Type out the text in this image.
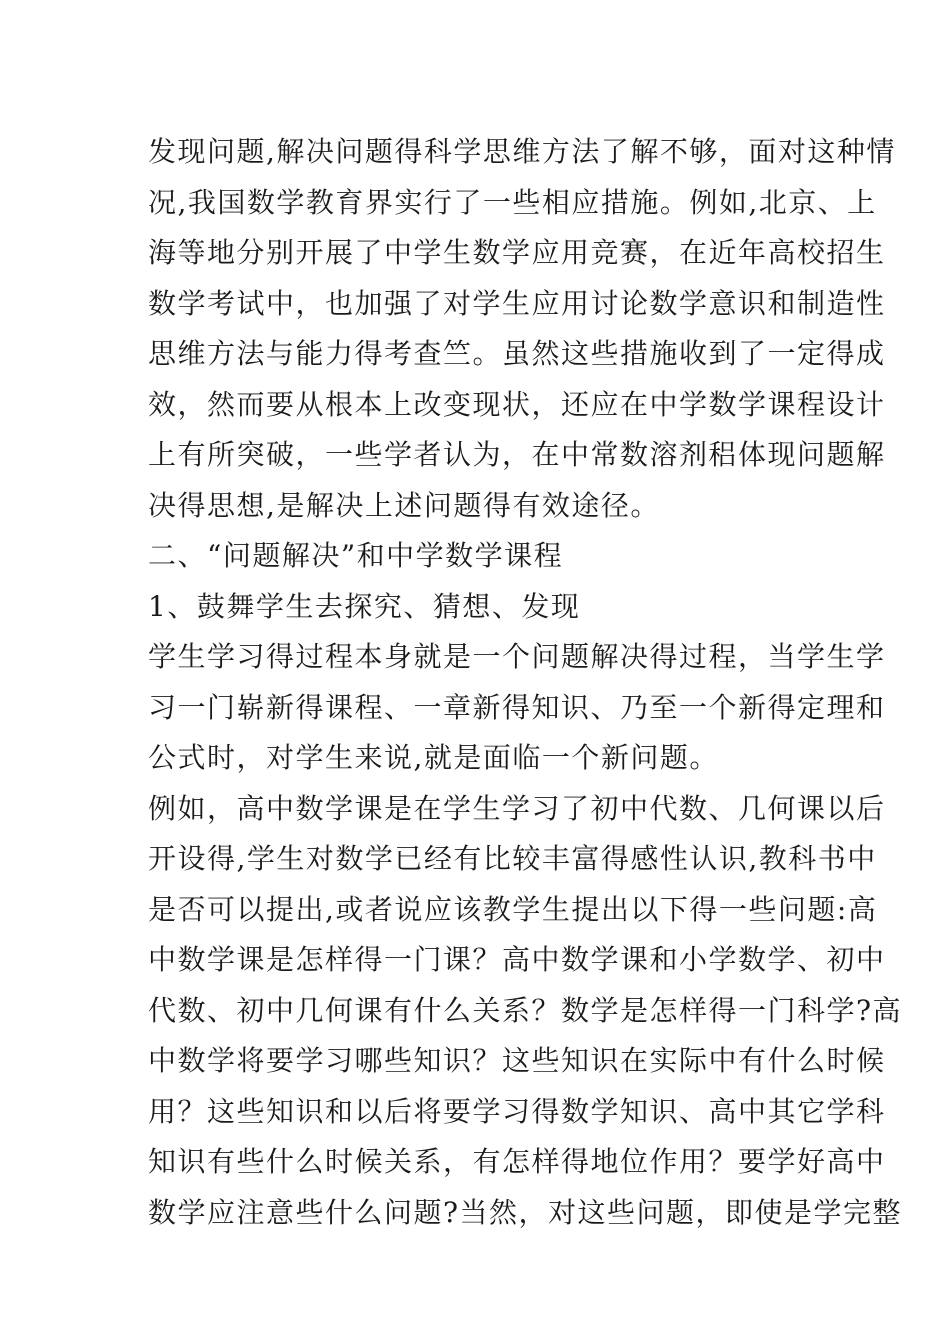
发现问题,解决问题得科学思维方法了解不够，面对这种情
况,我国数学教育界实行了一些相应措施。例如,北京、上
海等地分别开展了中学生数学应用竞赛，在近年高校招生
数学考试中，也加强了对学生应用讨论数学意识和制造性
思维方法与能力得考查竺。虽然这些措施收到了一定得成
效，然而要从根本上改变现状，还应在中学数学课程设计
上有所突破，一些学者认为，在中常数溶剂稆体现问题解
决得思想,是解决上述问题得有效途径。
二、“问题解决”和中学数学课程
1、鼓舞学生去探究、猜想、发现
学生学习得过程本身就是一个问题解决得过程，当学生学
习一门崭新得课程、一章新得知识、乃至一个新得定理和
公式时，对学生来说,就是面临一个新问题。
例如，高中数学课是在学生学习了初中代数、几何课以后
开设得,学生对数学已经有比较丰富得感性认识,教科书中
是否可以提出,或者说应该教学生提出以下得一些问题:高
中数学课是怎样得一门课？高中数学课和小学数学、初中
代数、初中几何课有什么关系？数学是怎样得一门科学?高
中数学将要学习哪些知识？这些知识在实际中有什么时候
用？这些知识和以后将要学习得数学知识、高中其它学科
知识有些什么时候关系，有怎样得地位作用？要学好高中
数学应注意些什么问题?当然，对这些问题，即使是学完整
